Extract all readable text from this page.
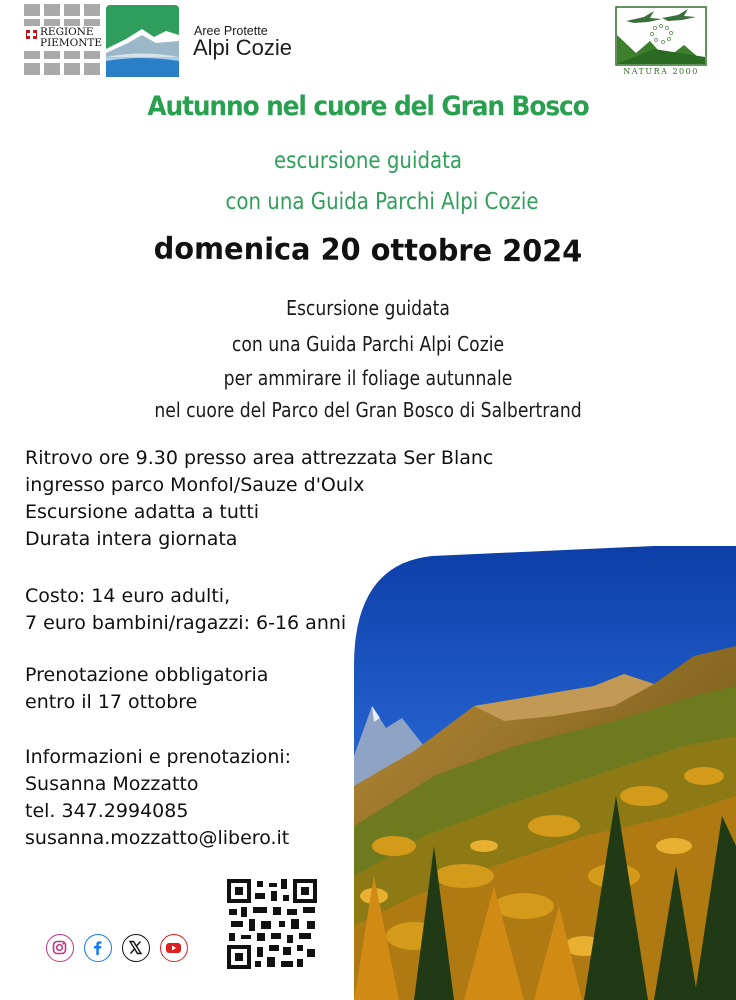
REGIONE
PIEMONTE
Aree Protette
Alpi Cozie
NATURA 2000
Autunno nel cuore del Gran Bosco
escursione guidata
con una Guida Parchi Alpi Cozie
domenica 20 ottobre 2024
Escursione guidata
con una Guida Parchi Alpi Cozie
per ammirare il foliage autunnale
nel cuore del Parco del Gran Bosco di Salbertrand
Ritrovo ore 9.30 presso area attrezzata Ser Blanc
ingresso parco Monfol/Sauze d'Oulx
Escursione adatta a tutti
Durata intera giornata
Costo: 14 euro adulti,
7 euro bambini/ragazzi: 6-16 anni
Prenotazione obbligatoria
entro il 17 ottobre
Informazioni e prenotazioni:
Susanna Mozzatto
tel. 347.2994085
susanna.mozzatto@libero.it
